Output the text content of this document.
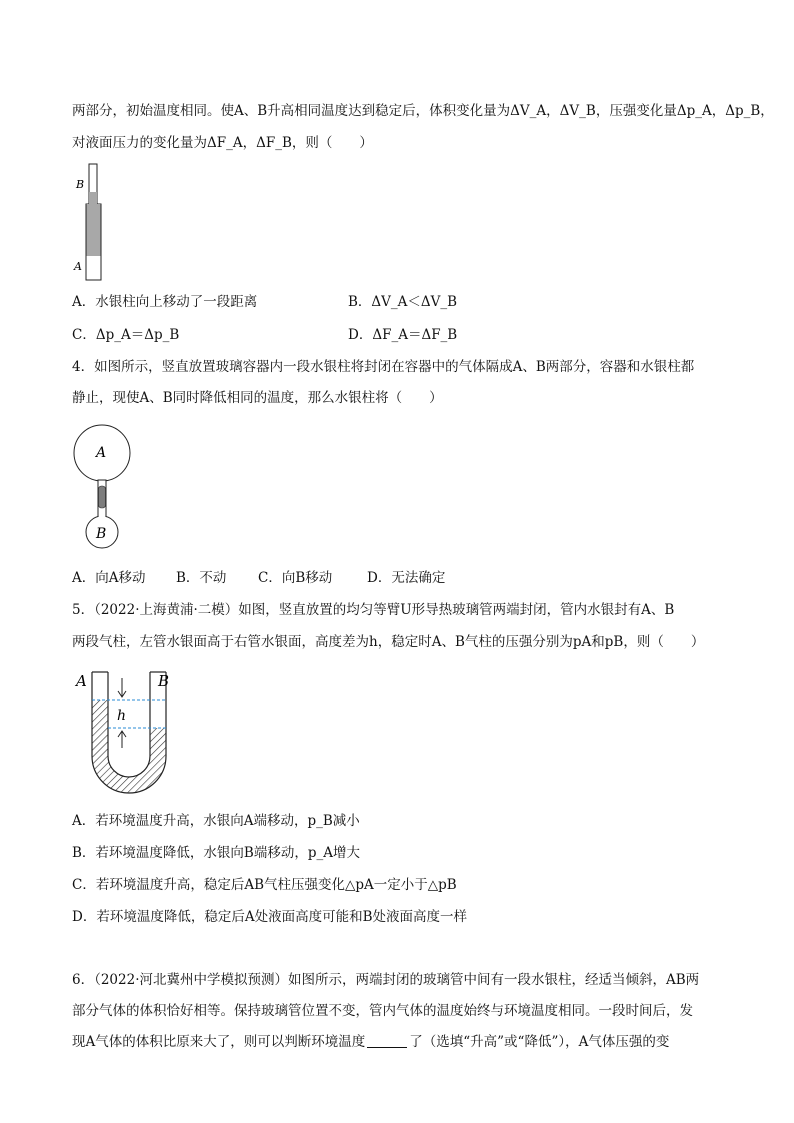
两部分，初始温度相同。使A、B升高相同温度达到稳定后，体积变化量为ΔV_A，ΔV_B，压强变化量Δp_A，Δp_B，
对液面压力的变化量为ΔF_A，ΔF_B，则（　　）
B
A
A．水银柱向上移动了一段距离	B．ΔV_A＜ΔV_B
C．Δp_A＝Δp_B	D．ΔF_A＝ΔF_B
4．如图所示，竖直放置玻璃容器内一段水银柱将封闭在容器中的气体隔成A、B两部分，容器和水银柱都
静止，现使A、B同时降低相同的温度，那么水银柱将（　　）
A
B
A．向A移动 B．不动 C．向B移动	D．无法确定
5．（2022·上海黄浦·二模）如图，竖直放置的均匀等臂U形导热玻璃管两端封闭，管内水银封有A、B
两段气柱，左管水银面高于右管水银面，高度差为h，稳定时A、B气柱的压强分别为pA和pB，则（　　）
h
A	B
A．若环境温度升高，水银向A端移动，p_B减小
B．若环境温度降低，水银向B端移动，p_A增大
C．若环境温度升高，稳定后AB气柱压强变化△pA一定小于△pB
D．若环境温度降低，稳定后A处液面高度可能和B处液面高度一样
6．（2022·河北冀州中学模拟预测）如图所示，两端封闭的玻璃管中间有一段水银柱，经适当倾斜，AB两
部分气体的体积恰好相等。保持玻璃管位置不变，管内气体的温度始终与环境温度相同。一段时间后，发
现A气体的体积比原来大了，则可以判断环境温度	了（选填“升高”或“降低”），A气体压强的变
